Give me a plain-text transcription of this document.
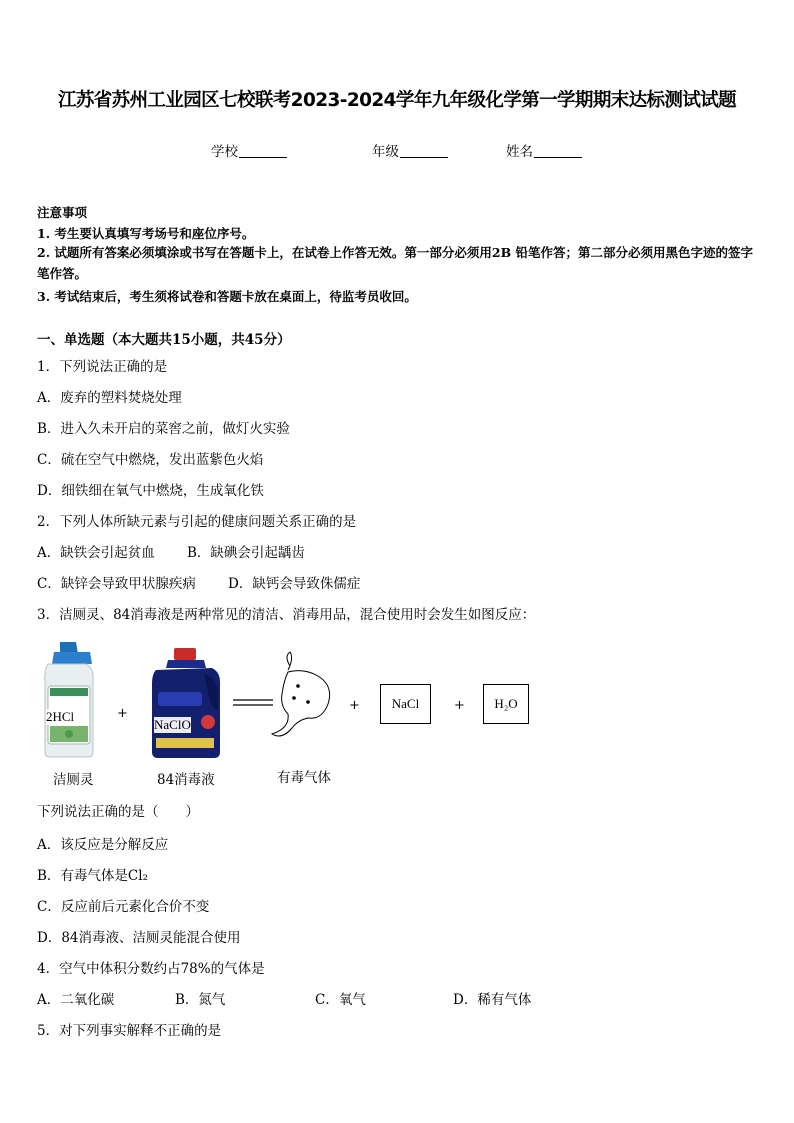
江苏省苏州工业园区七校联考2023-2024学年九年级化学第一学期期末达标测试试题
学校	年级	姓名
注意事项
1. 考生要认真填写考场号和座位序号。
2. 试题所有答案必须填涂或书写在答题卡上，在试卷上作答无效。第一部分必须用2B 铅笔作答；第二部分必须用黑色字迹的签字笔作答。
3. 考试结束后，考生须将试卷和答题卡放在桌面上，待监考员收回。
一、单选题（本大题共15小题，共45分）
1．下列说法正确的是
A．废弃的塑料焚烧处理
B．进入久未开启的菜窖之前，做灯火实验
C．硫在空气中燃烧，发出蓝紫色火焰
D．细铁细在氧气中燃烧，生成氧化铁
2．下列人体所缺元素与引起的健康问题关系正确的是
A．缺铁会引起贫血 B．缺碘会引起龋齿
C．缺锌会导致甲状腺疾病 D．缺钙会导致侏儒症
3．洁厕灵、84消毒液是两种常见的清洁、消毒用品，混合使用时会发生如图反应：
2HCl
洁厕灵
+
NaClO
84消毒液	有毒气体
+	NaCl	+	H₂O
下列说法正确的是（　　）
A．该反应是分解反应
B．有毒气体是Cl₂
C．反应前后元素化合价不变
D．84消毒液、洁厕灵能混合使用
4．空气中体积分数约占78%的气体是
A．二氧化碳	B．氮气	C．氧气	D．稀有气体
5．对下列事实解释不正确的是
